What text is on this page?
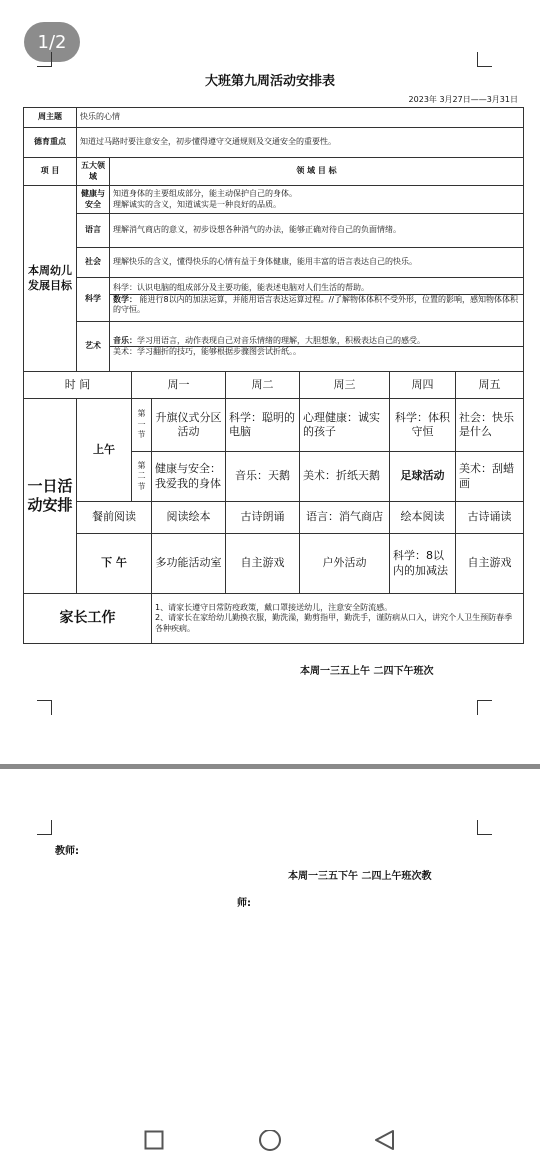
1/2
大班第九周活动安排表
2023年 3月27日——3月31日
周主题	快乐的心情							
德育重点	知道过马路时要注意安全，初步懂得遵守交通规则及交通安全的重要性。							
项 目	五大领域	领 域 目 标						
本周幼儿发展目标	健康与安全	知道身体的主要组成部分，能主动保护自己的身体。
理解诚实的含义，知道诚实是一种良好的品质。						

	语言	理解消气商店的意义，初步设想各种消气的办法，能够正确对待自己的负面情绪。						
	社会	理解快乐的含义，懂得快乐的心情有益于身体健康，能用丰富的语言表达自己的快乐。						
	科学	科学：认识电脑的组成部分及主要功能，能表述电脑对人们生活的帮助。
数学： 能进行8以内的加法运算，并能用语言表达运算过程。//了解物体体积不受外形，位置的影响，感知物体体积的守恒。						

	艺术	音乐：学习用语言，动作表现自己对音乐情绪的理解，大胆想象，积极表达自己的感受。
美术：学习翻折的技巧，能够根据步骤图尝试折纸。。						

时 间			周一		周二	周三	周四	周五
一日活动安排	上午		第一节	升旗仪式分区活动	科学：聪明的电脑	心理健康：诚实的孩子	科学：体积守恒	社会：快乐是什么
			第二节	健康与安全：我爱我的身体	音乐：天鹅	美术：折纸天鹅	足球活动	美术：刮蜡画
	餐前阅读			阅读绘本	古诗朗诵	语言：消气商店	绘本阅读	古诗诵读
	下 午			多功能活动室	自主游戏	户外活动	科学：8以内的加减法	自主游戏
家长工作				1、请家长遵守日常防疫政策，戴口罩接送幼儿，注意安全防流感。
2、请家长在家给幼儿勤换衣服，勤洗澡，勤剪指甲，勤洗手，谨防病从口入，讲究个人卫生预防春季各种疾病。				
本周一三五上午 二四下午班次
教师:
本周一三五下午 二四上午班次教
师:
